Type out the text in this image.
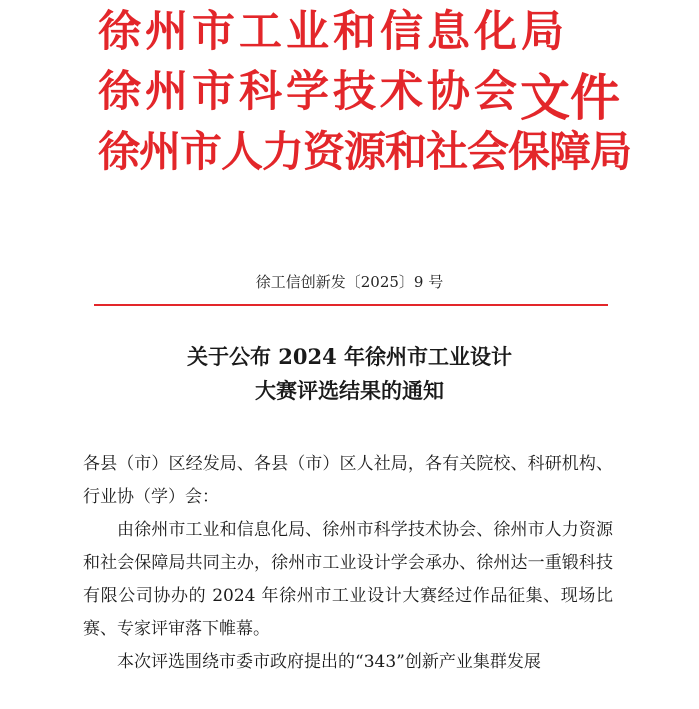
徐州市工业和信息化局
徐州市科学技术协会
徐州市人力资源和社会保障局
文件
徐工信创新发〔2025〕9 号
关于公布 2024 年徐州市工业设计
大赛评选结果的通知

各县（市）区经发局、各县（市）区人社局，各有关院校、科研机构、行业协（学）会：

由徐州市工业和信息化局、徐州市科学技术协会、徐州市人力资源和社会保障局共同主办，徐州市工业设计学会承办、徐州达一重锻科技有限公司协办的 2024 年徐州市工业设计大赛经过作品征集、现场比赛、专家评审落下帷幕。

本次评选围绕市委市政府提出的“343”创新产业集群发展
